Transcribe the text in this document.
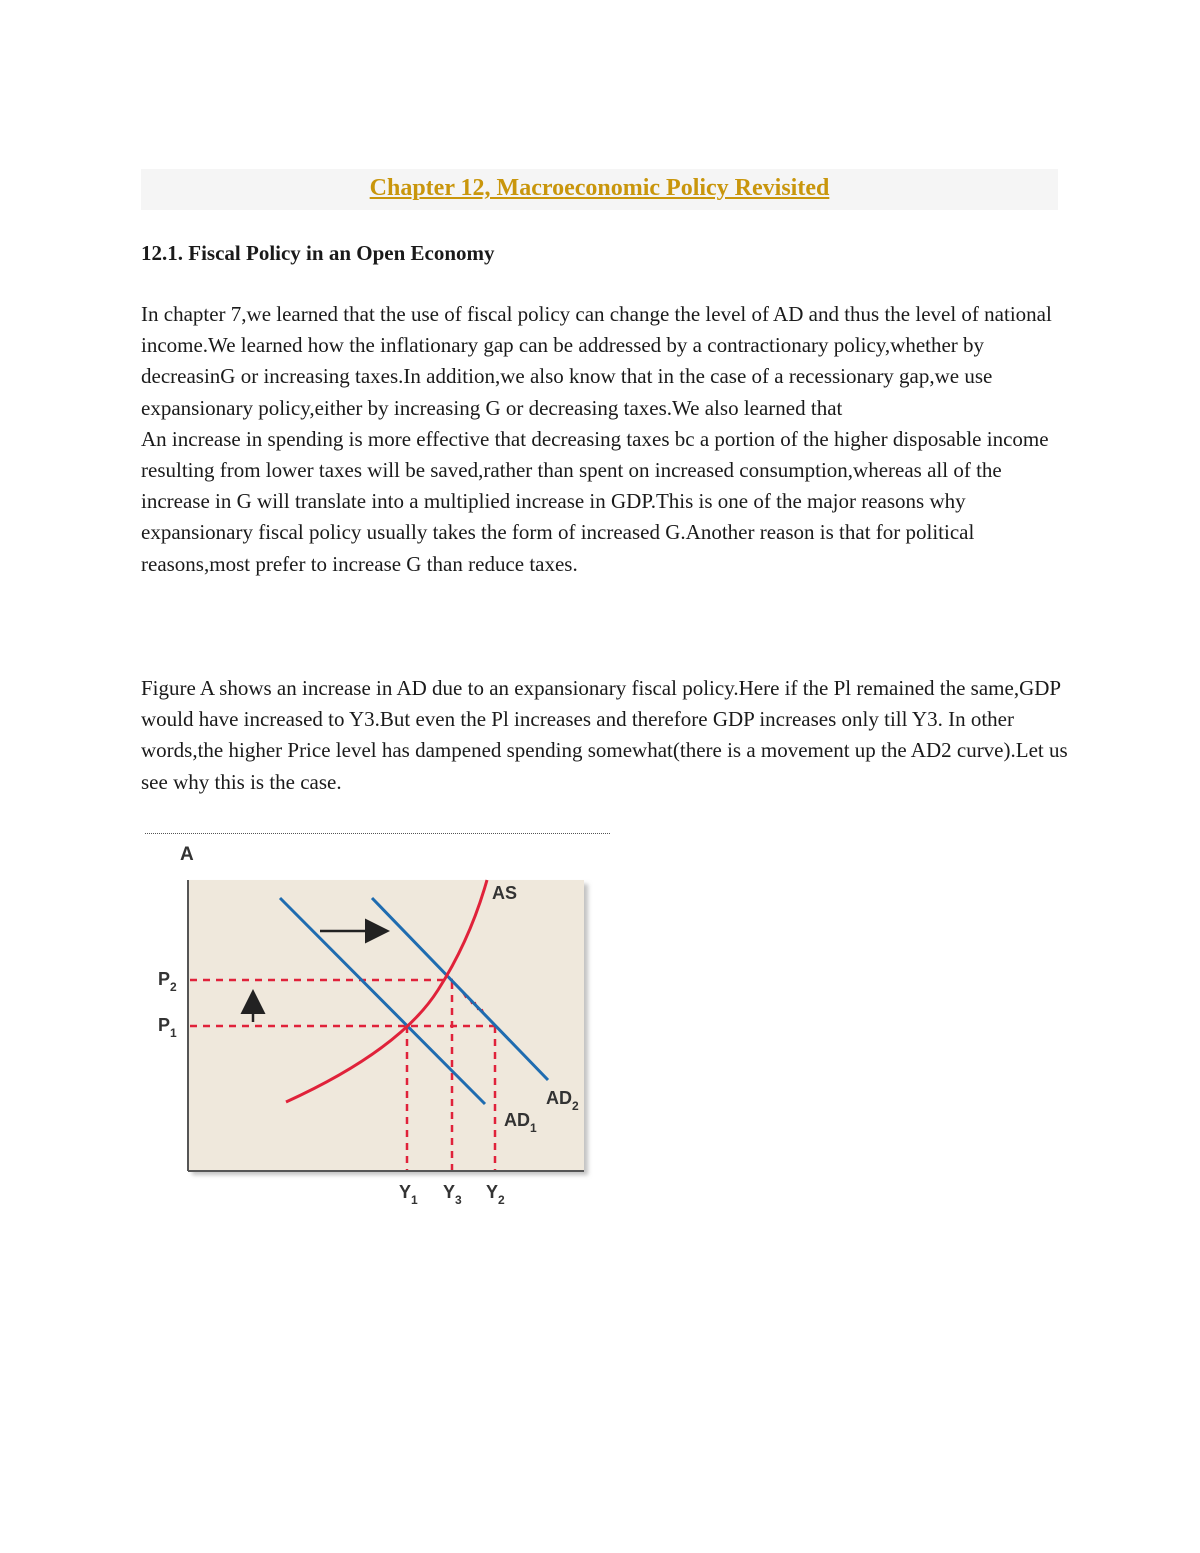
Chapter 12, Macroeconomic Policy Revisited
12.1. Fiscal Policy in an Open Economy
In chapter 7,we learned that the use of fiscal policy can change the level of AD and thus the level of national income.We learned how the inflationary gap can be addressed by a contractionary policy,whether by decreasinG or increasing taxes.In addition,we also know that in the case of a recessionary gap,we use expansionary policy,either by increasing G or decreasing taxes.We also learned that
An increase in spending is more effective that decreasing taxes bc a portion of the higher disposable income resulting from lower taxes will be saved,rather than spent on increased consumption,whereas all of the increase in G will translate into a multiplied increase in GDP.This is one of the major reasons why expansionary fiscal policy usually takes the form of increased G.Another reason is that for political reasons,most prefer to increase G than reduce taxes.
Figure A shows an increase in AD due to an expansionary fiscal policy.Here if the Pl remained the same,GDP would have increased to Y3.But even the Pl increases and therefore GDP increases only till Y3. In other words,the higher Price level has dampened spending somewhat(there is a movement up the AD2 curve).Let us see why this is the case.
A
AS
$AD_2$
$AD_1$
$P_2$
$P_1$
$Y_1$ $Y_3$ $Y_2$
